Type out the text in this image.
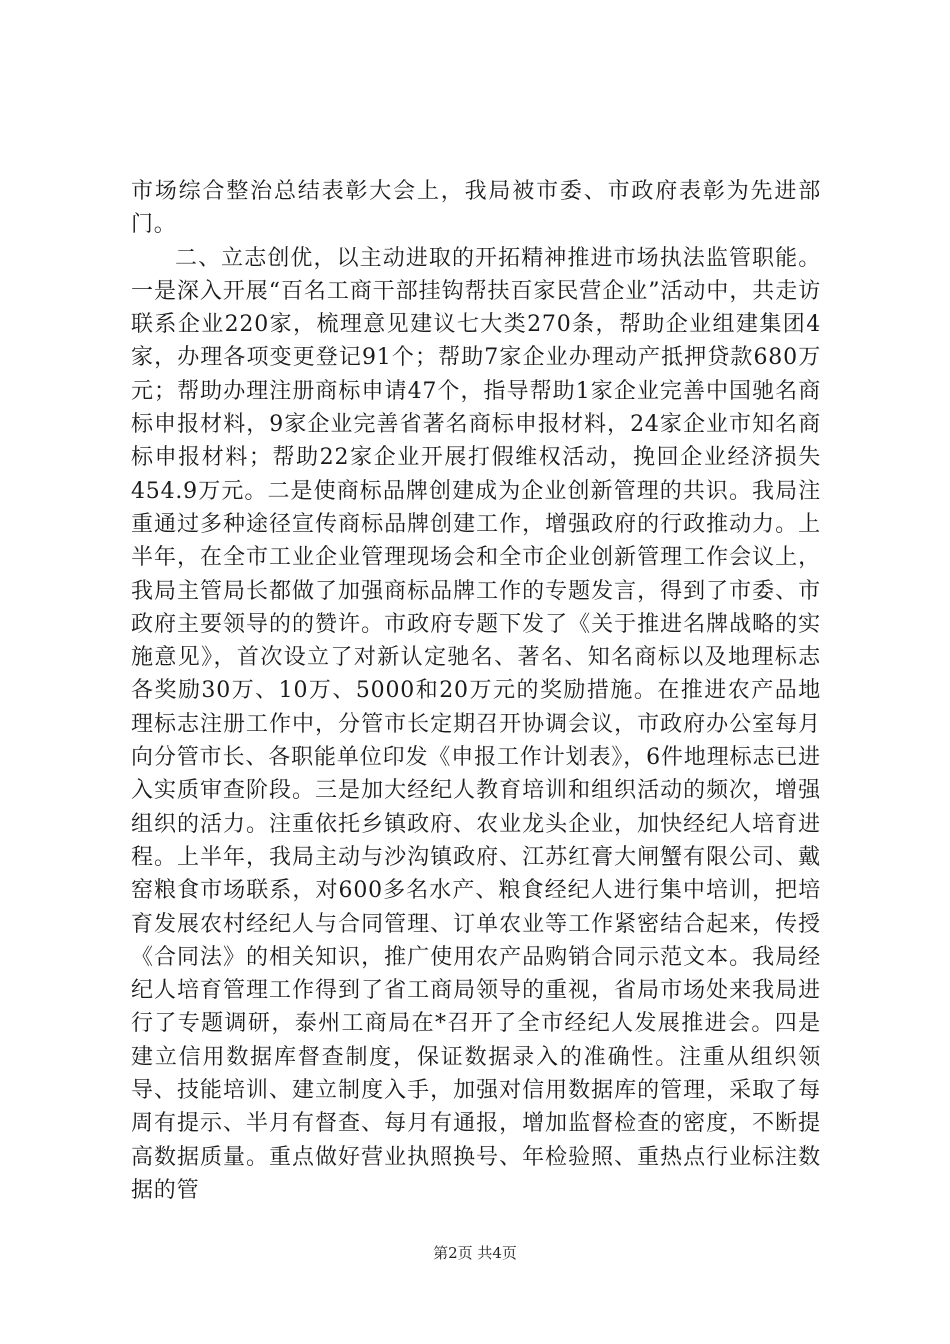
市场综合整治总结表彰大会上，我局被市委、市政府表彰为先进部门。

二、立志创优，以主动进取的开拓精神推进市场执法监管职能。一是深入开展“百名工商干部挂钩帮扶百家民营企业”活动中，共走访联系企业220家，梳理意见建议七大类270条，帮助企业组建集团4家，办理各项变更登记91个；帮助7家企业办理动产抵押贷款680万元；帮助办理注册商标申请47个，指导帮助1家企业完善中国驰名商标申报材料，9家企业完善省著名商标申报材料，24家企业市知名商标申报材料；帮助22家企业开展打假维权活动，挽回企业经济损失454.9万元。二是使商标品牌创建成为企业创新管理的共识。我局注重通过多种途径宣传商标品牌创建工作，增强政府的行政推动力。上半年，在全市工业企业管理现场会和全市企业创新管理工作会议上，我局主管局长都做了加强商标品牌工作的专题发言，得到了市委、市政府主要领导的的赞许。市政府专题下发了《关于推进名牌战略的实施意见》，首次设立了对新认定驰名、著名、知名商标以及地理标志各奖励30万、10万、5000和20万元的奖励措施。在推进农产品地理标志注册工作中，分管市长定期召开协调会议，市政府办公室每月向分管市长、各职能单位印发《申报工作计划表》，6件地理标志已进入实质审查阶段。三是加大经纪人教育培训和组织活动的频次，增强组织的活力。注重依托乡镇政府、农业龙头企业，加快经纪人培育进程。上半年，我局主动与沙沟镇政府、江苏红膏大闸蟹有限公司、戴窑粮食市场联系，对600多名水产、粮食经纪人进行集中培训，把培育发展农村经纪人与合同管理、订单农业等工作紧密结合起来，传授《合同法》的相关知识，推广使用农产品购销合同示范文本。我局经纪人培育管理工作得到了省工商局领导的重视，省局市场处来我局进行了专题调研，泰州工商局在*召开了全市经纪人发展推进会。四是建立信用数据库督查制度，保证数据录入的准确性。注重从组织领导、技能培训、建立制度入手，加强对信用数据库的管理，采取了每周有提示、半月有督查、每月有通报，增加监督检查的密度，不断提高数据质量。重点做好营业执照换号、年检验照、重热点行业标注数据的管

第2页 共4页
